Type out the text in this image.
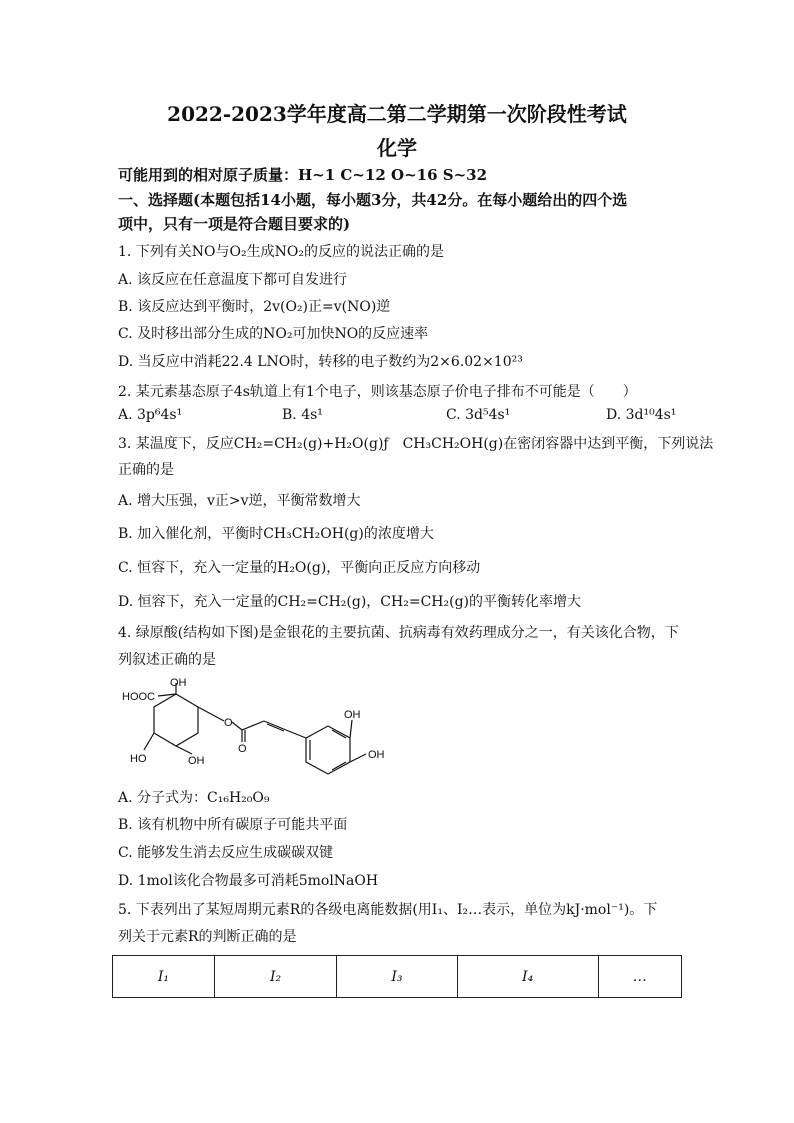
2022-2023学年度高二第二学期第一次阶段性考试
化学
可能用到的相对原子质量：H~1 C~12 O~16 S~32
一、选择题(本题包括14小题，每小题3分，共42分。在每小题给出的四个选
项中，只有一项是符合题目要求的)
1. 下列有关NO与O₂生成NO₂的反应的说法正确的是
A. 该反应在任意温度下都可自发进行
B. 该反应达到平衡时，2v(O₂)正=v(NO)逆
C. 及时移出部分生成的NO₂可加快NO的反应速率
D. 当反应中消耗22.4 LNO时，转移的电子数约为2×6.02×10²³
2. 某元素基态原子4s轨道上有1个电子，则该基态原子价电子排布不可能是（　　）
A. 3p⁶4s¹	B. 4s¹	C. 3d⁵4s¹	D. 3d¹⁰4s¹
3. 某温度下，反应CH₂=CH₂(g)+H₂O(g)ƒ　CH₃CH₂OH(g)在密闭容器中达到平衡，下列说法
正确的是
A. 增大压强，v正>v逆，平衡常数增大
B. 加入催化剂，平衡时CH₃CH₂OH(g)的浓度增大
C. 恒容下，充入一定量的H₂O(g)，平衡向正反应方向移动
D. 恒容下，充入一定量的CH₂=CH₂(g)，CH₂=CH₂(g)的平衡转化率增大
4. 绿原酸(结构如下图)是金银花的主要抗菌、抗病毒有效药理成分之一，有关该化合物，下
列叙述正确的是
OH
HOOC
O
O
HO	OH
OH
OH
A. 分子式为：C₁₆H₂₀O₉
B. 该有机物中所有碳原子可能共平面
C. 能够发生消去反应生成碳碳双键
D. 1mol该化合物最多可消耗5molNaOH
5. 下表列出了某短周期元素R的各级电离能数据(用I₁、I₂…表示，单位为kJ·mol⁻¹)。下
列关于元素R的判断正确的是
I₁	I₂	I₃	I₄	…
